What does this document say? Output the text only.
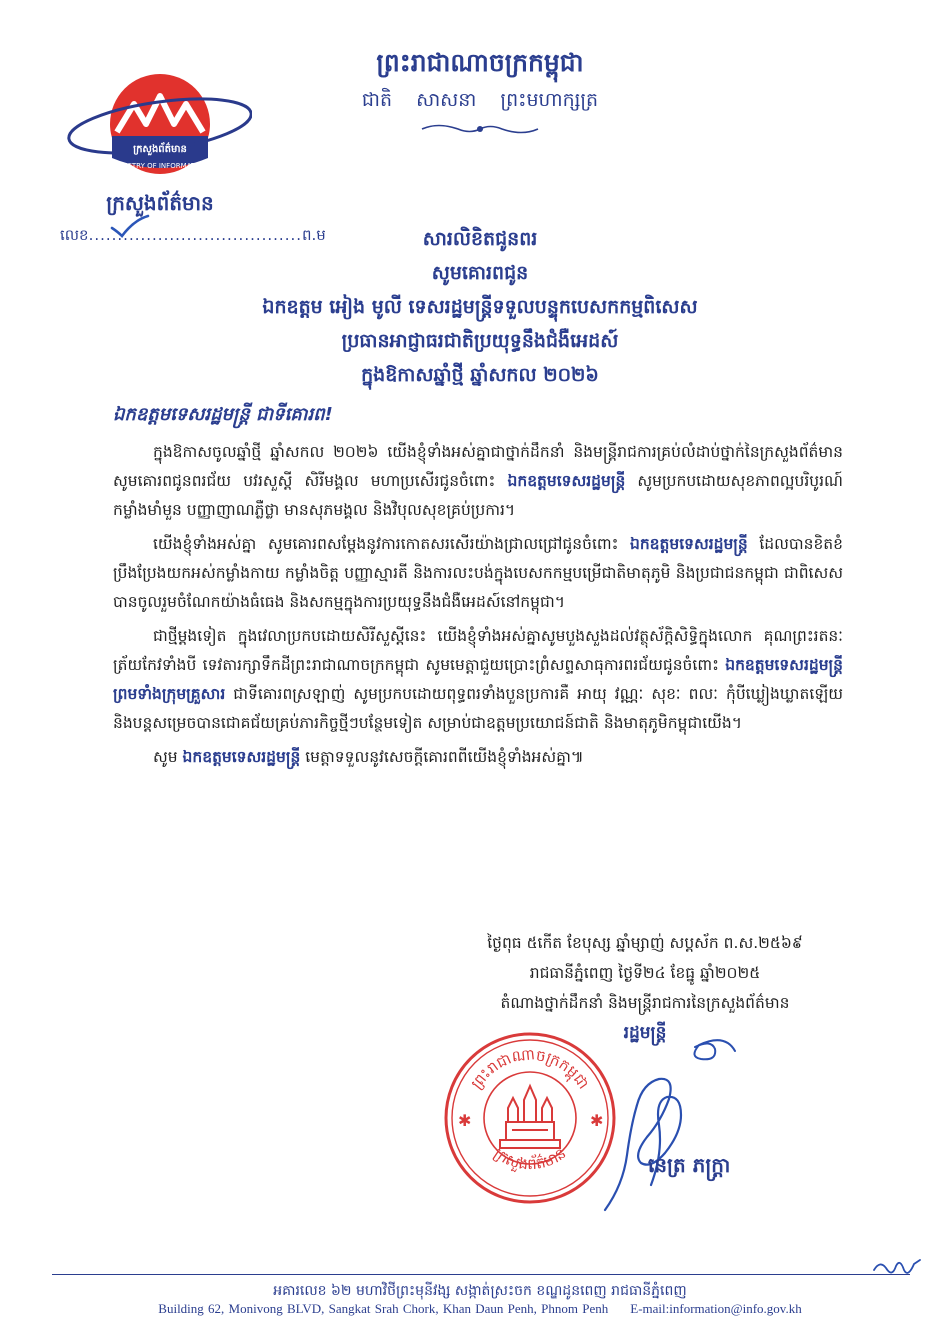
ក្រសួងព័ត៌មាន
MINISTRY OF INFORMATION
ក្រសួងព័ត៌មាន
លេខ.....................................ព.ម
ព្រះរាជាណាចក្រកម្ពុជា
ជាតិ សាសនា ព្រះមហាក្សត្រ
សារលិខិតជូនពរ
សូមគោរពជូន
ឯកឧត្តម អៀង មូលី ទេសរដ្ឋមន្ត្រីទទួលបន្ទុកបេសកកម្មពិសេស
ប្រធានអាជ្ញាធរជាតិប្រយុទ្ធនឹងជំងឺអេដស៍
ក្នុងឱកាសឆ្នាំថ្មី ឆ្នាំសកល ២០២៦
ឯកឧត្តមទេសរដ្ឋមន្ត្រី ជាទីគោរព!

ក្នុងឱកាសចូលឆ្នាំថ្មី ឆ្នាំសកល ២០២៦ យើងខ្ញុំទាំងអស់គ្នាជាថ្នាក់ដឹកនាំ និងមន្ត្រីរាជការគ្រប់លំដាប់ថ្នាក់នៃក្រសួងព័ត៌មាន សូមគោរពជូនពរជ័យ បវរសួស្តី សិរីមង្គល មហាប្រសើរជូនចំពោះ ឯកឧត្តមទេសរដ្ឋមន្ត្រី សូមប្រកបដោយសុខភាពល្អបរិបូរណ៍ កម្លាំងមាំមួន បញ្ញាញាណភ្លឺថ្លា មានសុភមង្គល និងវិបុលសុខគ្រប់ប្រការ។

យើងខ្ញុំទាំងអស់គ្នា សូមគោរពសម្តែងនូវការកោតសរសើរយ៉ាងជ្រាលជ្រៅជូនចំពោះ ឯកឧត្តមទេសរដ្ឋមន្ត្រី ដែលបានខិតខំប្រឹងប្រែងយកអស់កម្លាំងកាយ កម្លាំងចិត្ត បញ្ញាស្មារតី និងការលះបង់ក្នុងបេសកកម្មបម្រើជាតិមាតុភូមិ និងប្រជាជនកម្ពុជា ជាពិសេស បានចូលរួមចំណែកយ៉ាងធំធេង និងសកម្មក្នុងការប្រយុទ្ធនឹងជំងឺអេដស៍នៅកម្ពុជា។

ជាថ្មីម្តងទៀត ក្នុងវេលាប្រកបដោយសិរីសួស្តីនេះ យើងខ្ញុំទាំងអស់គ្នាសូមបួងសួងដល់វត្ថុស័ក្តិសិទ្ធិក្នុងលោក គុណព្រះរតនៈត្រ័យកែវទាំងបី ទេវតារក្សាទឹកដីព្រះរាជាណាចក្រកម្ពុជា សូមមេត្តាជួយប្រោះព្រំសព្ទសាធុការពរជ័យជូនចំពោះ ឯកឧត្តមទេសរដ្ឋមន្ត្រី ព្រមទាំងក្រុមគ្រួសារ ជាទីគោរពស្រឡាញ់ សូមប្រកបដោយពុទ្ធពរទាំងបួនប្រការគឺ អាយុ វណ្ណៈ សុខៈ ពលៈ កុំបីឃ្លៀងឃ្លាតឡើយ និងបន្តសម្រេចបានជោគជ័យគ្រប់ភារកិច្ចថ្មីៗបន្ថែមទៀត សម្រាប់ជាឧត្តមប្រយោជន៍ជាតិ និងមាតុភូមិកម្ពុជាយើង។

សូម ឯកឧត្តមទេសរដ្ឋមន្ត្រី មេត្តាទទួលនូវសេចក្តីគោរពពីយើងខ្ញុំទាំងអស់គ្នា៕

ថ្ងៃពុធ ៥កើត ខែបុស្ស ឆ្នាំម្សាញ់ សប្តស័ក ព.ស.២៥៦៩
រាជធានីភ្នំពេញ ថ្ងៃទី២៤ ខែធ្នូ ឆ្នាំ២០២៥
តំណាងថ្នាក់ដឹកនាំ និងមន្ត្រីរាជការនៃក្រសួងព័ត៌មាន
រដ្ឋមន្ត្រី
ព្រះរាជាណាចក្រកម្ពុជា
ក្រសួងព័ត៌មាន
✱	✱
នេត្រ ភក្ត្រា
អគារលេខ ៦២ មហាវិថីព្រះមុនីវង្ស សង្កាត់ស្រះចក ខណ្ឌដូនពេញ រាជធានីភ្នំពេញ
Building 62, Monivong BLVD, Sangkat Srah Chork, Khan Daun Penh, Phnom Penh E-mail:information@info.gov.kh
